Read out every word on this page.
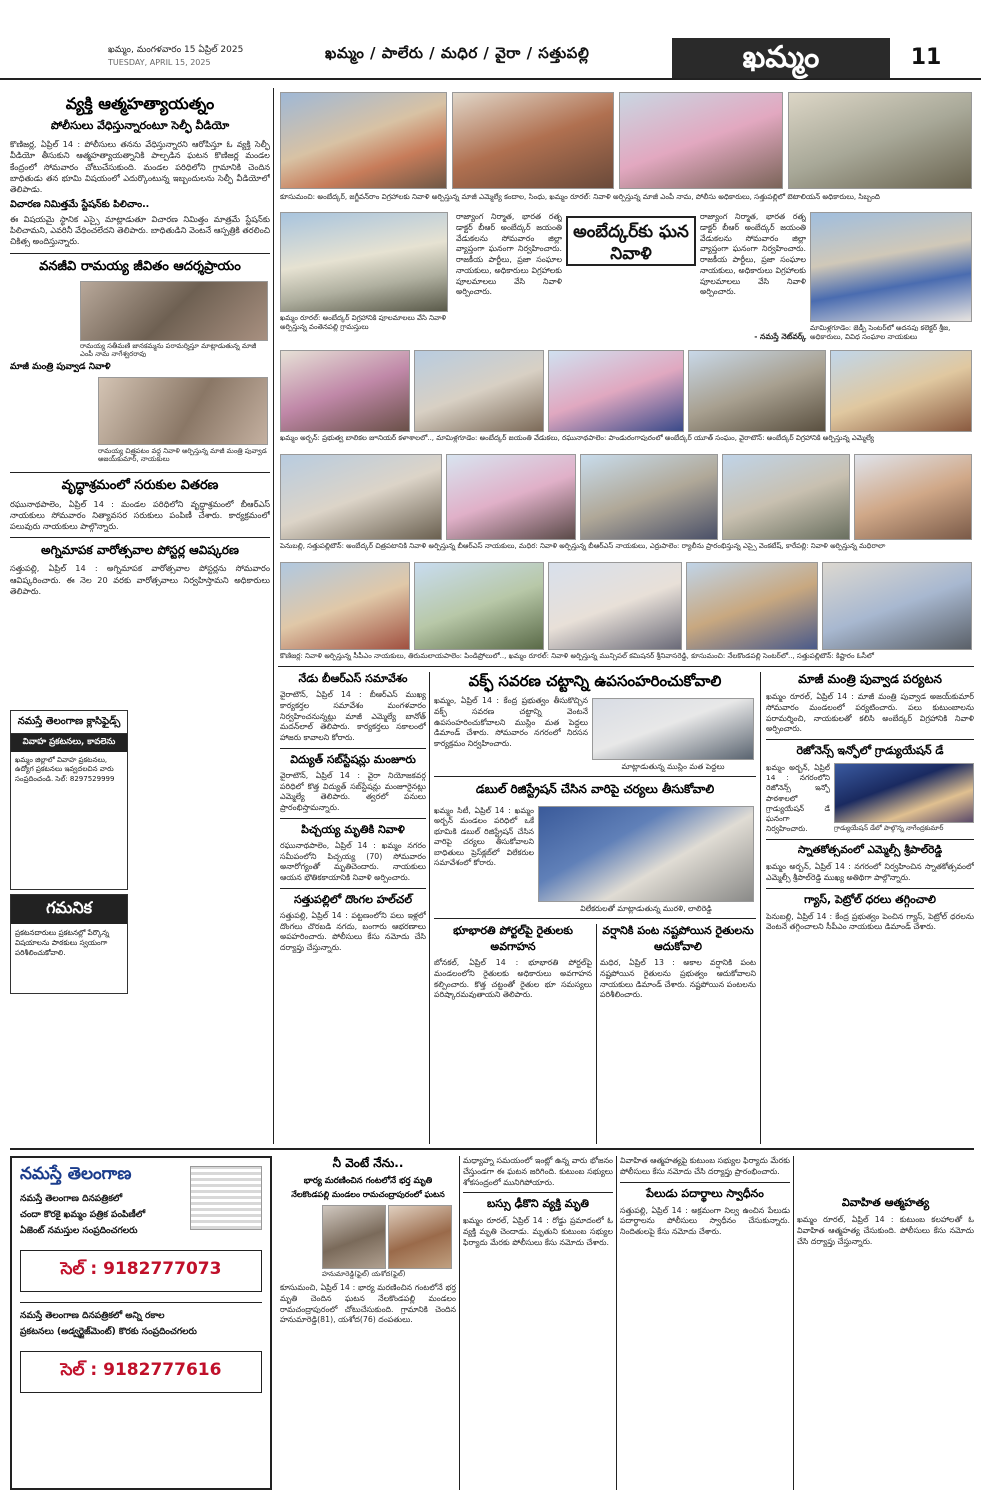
ఖమ్మం, మంగళవారం 15 ఏప్రిల్ 2025
TUESDAY, APRIL 15, 2025
ఖమ్మం / పాలేరు / మధిర / వైరా / సత్తుపల్లి	ఖమ్మం	11
వ్యక్తి ఆత్మహత్యాయత్నం
పోలీసులు వేధిస్తున్నారంటూ సెల్ఫీ వీడియో
కొణిజర్ల, ఏప్రిల్ 14 : పోలీసులు తనను వేధిస్తున్నారని ఆరోపిస్తూ ఓ వ్యక్తి సెల్ఫీ వీడియో తీసుకుని ఆత్మహత్యాయత్నానికి పాల్పడిన ఘటన కొణిజర్ల మండల కేంద్రంలో సోమవారం చోటుచేసుకుంది. మండల పరిధిలోని గ్రామానికి చెందిన బాధితుడు తన భూమి విషయంలో ఎదుర్కొంటున్న ఇబ్బందులను సెల్ఫీ వీడియోలో తెలిపాడు.
విచారణ నిమిత్తమే స్టేషన్‌కు పిలిచాం..
ఈ విషయమై స్థానిక ఎస్సై మాట్లాడుతూ విచారణ నిమిత్తం మాత్రమే స్టేషన్‌కు పిలిచామని, ఎవరినీ వేధించలేదని తెలిపారు. బాధితుడిని వెంటనే ఆస్పత్రికి తరలించి చికిత్స అందిస్తున్నారు.
వనజీవి రామయ్య జీవితం ఆదర్శప్రాయం
రామయ్య సతీమణి జానకమ్మను పరామర్శిస్తూ మాట్లాడుతున్న మాజీ ఎంపీ నామ నాగేశ్వరరావు
మాజీ మంత్రి పువ్వాడ నివాళి
రామయ్య చిత్రపటం వద్ద నివాళి అర్పిస్తున్న మాజీ మంత్రి పువ్వాడ అజయ్‌కుమార్, నాయకులు
వృద్ధాశ్రమంలో సరుకుల వితరణ
రఘునాథపాలెం, ఏప్రిల్ 14 : మండల పరిధిలోని వృద్ధాశ్రమంలో బీఆర్‌ఎస్ నాయకులు సోమవారం నిత్యావసర సరుకులు పంపిణీ చేశారు. కార్యక్రమంలో పలువురు నాయకులు పాల్గొన్నారు.
అగ్నిమాపక వారోత్సవాల పోస్టర్ల ఆవిష్కరణ
సత్తుపల్లి, ఏప్రిల్ 14 : అగ్నిమాపక వారోత్సవాల పోస్టర్లను సోమవారం ఆవిష్కరించారు. ఈ నెల 20 వరకు వారోత్సవాలు నిర్వహిస్తామని అధికారులు తెలిపారు.
నమస్తే తెలంగాణ క్లాసిఫైడ్స్
వివాహ ప్రకటనలు, కావలెను
ఖమ్మం జిల్లాలో వివాహ ప్రకటనలు, ఉద్యోగ ప్రకటనలు ఇవ్వదలచిన వారు సంప్రదించండి. సెల్: 8297529999
గమనిక
ప్రకటనదారులు ప్రకటనల్లో పేర్కొన్న విషయాలను పాఠకులు స్వయంగా పరిశీలించుకోవాలి.
కూసుమంచి: అంబేద్కర్, జగ్జీవన్‌రాం విగ్రహాలకు నివాళి అర్పిస్తున్న మాజీ ఎమ్మెల్యే కందాల, సింధు, ఖమ్మం రూరల్: నివాళి అర్పిస్తున్న మాజీ ఎంపీ నామ, పోలీసు అధికారులు, సత్తుపల్లిలో బెటాలియన్ అధికారులు, సిబ్బంది
ఖమ్మం రూరల్: అంబేద్కర్ విగ్రహానికి పూలమాలలు వేసి నివాళి అర్పిస్తున్న వంతెనపల్లి గ్రామస్తులు
రాజ్యాంగ నిర్మాత, భారత రత్న డాక్టర్ బీఆర్ అంబేద్కర్ జయంతి వేడుకలను సోమవారం జిల్లా వ్యాప్తంగా ఘనంగా నిర్వహించారు. రాజకీయ పార్టీలు, ప్రజా సంఘాల నాయకులు, అధికారులు విగ్రహాలకు పూలమాలలు వేసి నివాళి అర్పించారు.
అంబేద్కర్‌కు ఘన నివాళి
రాజ్యాంగ నిర్మాత, భారత రత్న డాక్టర్ బీఆర్ అంబేద్కర్ జయంతి వేడుకలను సోమవారం జిల్లా వ్యాప్తంగా ఘనంగా నిర్వహించారు. రాజకీయ పార్టీలు, ప్రజా సంఘాల నాయకులు, అధికారులు విగ్రహాలకు పూలమాలలు వేసి నివాళి అర్పించారు.
- నమస్తే నెట్‌వర్క్
మామిళ్లగూడెం: జెడ్పీ సెంటర్‌లో అదనపు కలెక్టర్ శ్రీజ, అధికారులు, వివిధ సంఘాల నాయకులు
ఖమ్మం అర్బన్: ప్రభుత్వ బాలికల జూనియర్ కళాశాలలో.., మామిళ్లగూడెం: అంబేద్కర్ జయంతి వేడుకలు, రఘునాథపాలెం: పాండురంగాపురంలో అంబేద్కర్ యూత్ సంఘం, వైరాటౌన్: అంబేద్కర్ విగ్రహానికి అర్పిస్తున్న ఎమ్మెల్యే
పెనుబల్లి, సత్తుపల్లిటౌన్: అంబేద్కర్ చిత్రపటానికి నివాళి అర్పిస్తున్న బీఆర్‌ఎస్ నాయకులు, మధిర: నివాళి అర్పిస్తున్న బీఆర్‌ఎస్ నాయకులు, ఎర్రుపాలెం: ర్యాలీను ప్రారంభిస్తున్న ఎస్సై వెంకటేష్, కారేపల్లి: నివాళి అర్పిస్తున్న మధిరాలా
కొణిజర్ల: నివాళి అర్పిస్తున్న సీపీఎం నాయకులు, తిరుమలాయపాలెం: పిండిప్రోలులో.., ఖమ్మం రూరల్: నివాళి అర్పిస్తున్న మున్సిపల్ కమిషనర్ శ్రీనివాసరెడ్డి, కూసుమంచి: నేలకొండపల్లి సెంటర్‌లో.., సత్తుపల్లిటౌన్: కిష్టారం ఓసీలో
నేడు బీఆర్‌ఎస్ సమావేశం
వైరాటౌన్, ఏప్రిల్ 14 : బీఆర్‌ఎస్ ముఖ్య కార్యకర్తల సమావేశం మంగళవారం నిర్వహించనున్నట్లు మాజీ ఎమ్మెల్యే బానోత్ మదన్‌లాల్ తెలిపారు. కార్యకర్తలు సకాలంలో హాజరు కావాలని కోరారు.
విద్యుత్ సబ్‌స్టేషన్లు మంజూరు
వైరాటౌన్, ఏప్రిల్ 14 : వైరా నియోజకవర్గ పరిధిలో కొత్త విద్యుత్ సబ్‌స్టేషన్లు మంజూరైనట్లు ఎమ్మెల్యే తెలిపారు. త్వరలో పనులు ప్రారంభిస్తామన్నారు.
పిచ్చయ్య మృతికి నివాళి
రఘునాథపాలెం, ఏప్రిల్ 14 : ఖమ్మం నగరం సమీపంలోని పిచ్చయ్య (70) సోమవారం అనారోగ్యంతో మృతిచెందారు. నాయకులు ఆయన భౌతికకాయానికి నివాళి అర్పించారు.
సత్తుపల్లిలో దొంగల హల్‌చల్
సత్తుపల్లి, ఏప్రిల్ 14 : పట్టణంలోని పలు ఇళ్లలో దొంగలు చొరబడి నగదు, బంగారు ఆభరణాలు అపహరించారు. పోలీసులు కేసు నమోదు చేసి దర్యాప్తు చేస్తున్నారు.
వక్ఫ్ సవరణ చట్టాన్ని ఉపసంహరించుకోవాలి
ఖమ్మం, ఏప్రిల్ 14 : కేంద్ర ప్రభుత్వం తీసుకొచ్చిన వక్ఫ్ సవరణ చట్టాన్ని వెంటనే ఉపసంహరించుకోవాలని ముస్లిం మత పెద్దలు డిమాండ్ చేశారు. సోమవారం నగరంలో నిరసన కార్యక్రమం నిర్వహించారు.
మాట్లాడుతున్న ముస్లిం మత పెద్దలు
డబుల్ రిజిస్ట్రేషన్ చేసిన వారిపై చర్యలు తీసుకోవాలి
ఖమ్మం సిటీ, ఏప్రిల్ 14 : ఖమ్మం అర్బన్ మండలం పరిధిలో ఒకే భూమికి డబుల్ రిజిస్ట్రేషన్ చేసిన వారిపై చర్యలు తీసుకోవాలని బాధితులు ప్రెస్‌క్లబ్‌లో విలేకరుల సమావేశంలో కోరారు.
విలేకరులతో మాట్లాడుతున్న మురళి, లాలిరెడ్డి
భూభారతి పోర్టల్‌పై రైతులకు అవగాహన
బోనకల్, ఏప్రిల్ 14 : భూభారతి పోర్టల్‌పై మండలంలోని రైతులకు అధికారులు అవగాహన కల్పించారు. కొత్త చట్టంతో రైతుల భూ సమస్యలు పరిష్కారమవుతాయని తెలిపారు.
వర్షానికి పంట నష్టపోయిన రైతులను ఆదుకోవాలి
మధిర, ఏప్రిల్ 13 : అకాల వర్షానికి పంట నష్టపోయిన రైతులను ప్రభుత్వం ఆదుకోవాలని నాయకులు డిమాండ్ చేశారు. నష్టపోయిన పంటలను పరిశీలించారు.
మాజీ మంత్రి పువ్వాడ పర్యటన
ఖమ్మం రూరల్, ఏప్రిల్ 14 : మాజీ మంత్రి పువ్వాడ అజయ్‌కుమార్ సోమవారం మండలంలో పర్యటించారు. పలు కుటుంబాలను పరామర్శించి, నాయకులతో కలిసి అంబేద్కర్ విగ్రహానికి నివాళి అర్పించారు.
రెజోనెన్స్ ఇన్ఫోలో గ్రాడ్యుయేషన్ డే
ఖమ్మం అర్బన్, ఏప్రిల్ 14 : నగరంలోని రెజోనెన్స్ ఇన్ఫో పాఠశాలలో గ్రాడ్యుయేషన్ డే ఘనంగా నిర్వహించారు.	గ్రాడ్యుయేషన్ డేలో పాల్గొన్న నాగేంద్రకుమార్
స్నాతకోత్సవంలో ఎమ్మెల్సీ శ్రీపాల్‌రెడ్డి
ఖమ్మం అర్బన్, ఏప్రిల్ 14 : నగరంలో నిర్వహించిన స్నాతకోత్సవంలో ఎమ్మెల్సీ శ్రీపాల్‌రెడ్డి ముఖ్య అతిథిగా పాల్గొన్నారు.
గ్యాస్, పెట్రోల్ ధరలు తగ్గించాలి
పెనుబల్లి, ఏప్రిల్ 14 : కేంద్ర ప్రభుత్వం పెంచిన గ్యాస్, పెట్రోల్ ధరలను వెంటనే తగ్గించాలని సీపీఎం నాయకులు డిమాండ్ చేశారు.
నమస్తే తెలంగాణ
నమస్తే తెలంగాణ దినపత్రికలో
చందా కొరకై ఖమ్మం పత్రిక పంపిణీలో
ఏజెంట్ నమస్తుల సంప్రదించగలరు
సెల్ : 9182777073
నమస్తే తెలంగాణ దినపత్రికలో అన్ని రకాల
ప్రకటనలు (అడ్వర్టైజ్‌మెంట్) కొరకు సంప్రదించగలరు
సెల్ : 9182777616
నీ వెంటే నేను..
భార్య మరణించిన గంటలోనే భర్త మృతి
నేలకొండపల్లి మండలం రామచంద్రాపురంలో ఘటన
హనుమారెడ్డి(ఫైల్) యశోద(ఫైల్)
కూసుమంచి, ఏప్రిల్ 14 : భార్య మరణించిన గంటలోనే భర్త మృతి చెందిన ఘటన నేలకొండపల్లి మండలం రామచంద్రాపురంలో చోటుచేసుకుంది. గ్రామానికి చెందిన హనుమారెడ్డి(81), యశోద(76) దంపతులు.
మధ్యాహ్న సమయంలో ఇంట్లో ఉన్న వారు భోజనం చేస్తుండగా ఈ ఘటన జరిగింది. కుటుంబ సభ్యులు శోకసంద్రంలో మునిగిపోయారు.
బస్సు ఢీకొని వ్యక్తి మృతి
ఖమ్మం రూరల్, ఏప్రిల్ 14 : రోడ్డు ప్రమాదంలో ఓ వ్యక్తి మృతి చెందాడు. మృతుని కుటుంబ సభ్యుల ఫిర్యాదు మేరకు పోలీసులు కేసు నమోదు చేశారు.
వివాహిత ఆత్మహత్యపై కుటుంబ సభ్యుల ఫిర్యాదు మేరకు పోలీసులు కేసు నమోదు చేసి దర్యాప్తు ప్రారంభించారు.
పేలుడు పదార్థాలు స్వాధీనం
సత్తుపల్లి, ఏప్రిల్ 14 : అక్రమంగా నిల్వ ఉంచిన పేలుడు పదార్థాలను పోలీసులు స్వాధీనం చేసుకున్నారు. నిందితులపై కేసు నమోదు చేశారు.
వివాహిత ఆత్మహత్య
ఖమ్మం రూరల్, ఏప్రిల్ 14 : కుటుంబ కలహాలతో ఓ వివాహిత ఆత్మహత్య చేసుకుంది. పోలీసులు కేసు నమోదు చేసి దర్యాప్తు చేస్తున్నారు.
